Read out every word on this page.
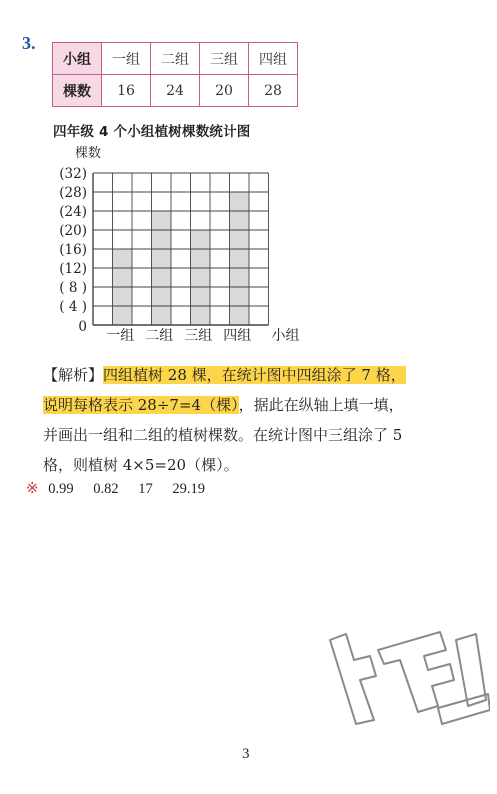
3.
小组	一组	二组	三组	四组
棵数	16	24	20	28
四年级 4 个小组植树棵数统计图
棵数
小组
0
( 4 )
( 8 )
(12)
(16)
(20)
(24)
(28)
(32)
一组 二组 三组 四组

【解析】四组植树 28 棵，在统计图中四组涂了 7 格，

说明每格表示 28÷7=4（棵），据此在纵轴上填一填，

并画出一组和二组的植树棵数。在统计图中三组涂了 5

格，则植树 4×5=20（棵）。

※ 0.99 0.82 17 29.19
3
